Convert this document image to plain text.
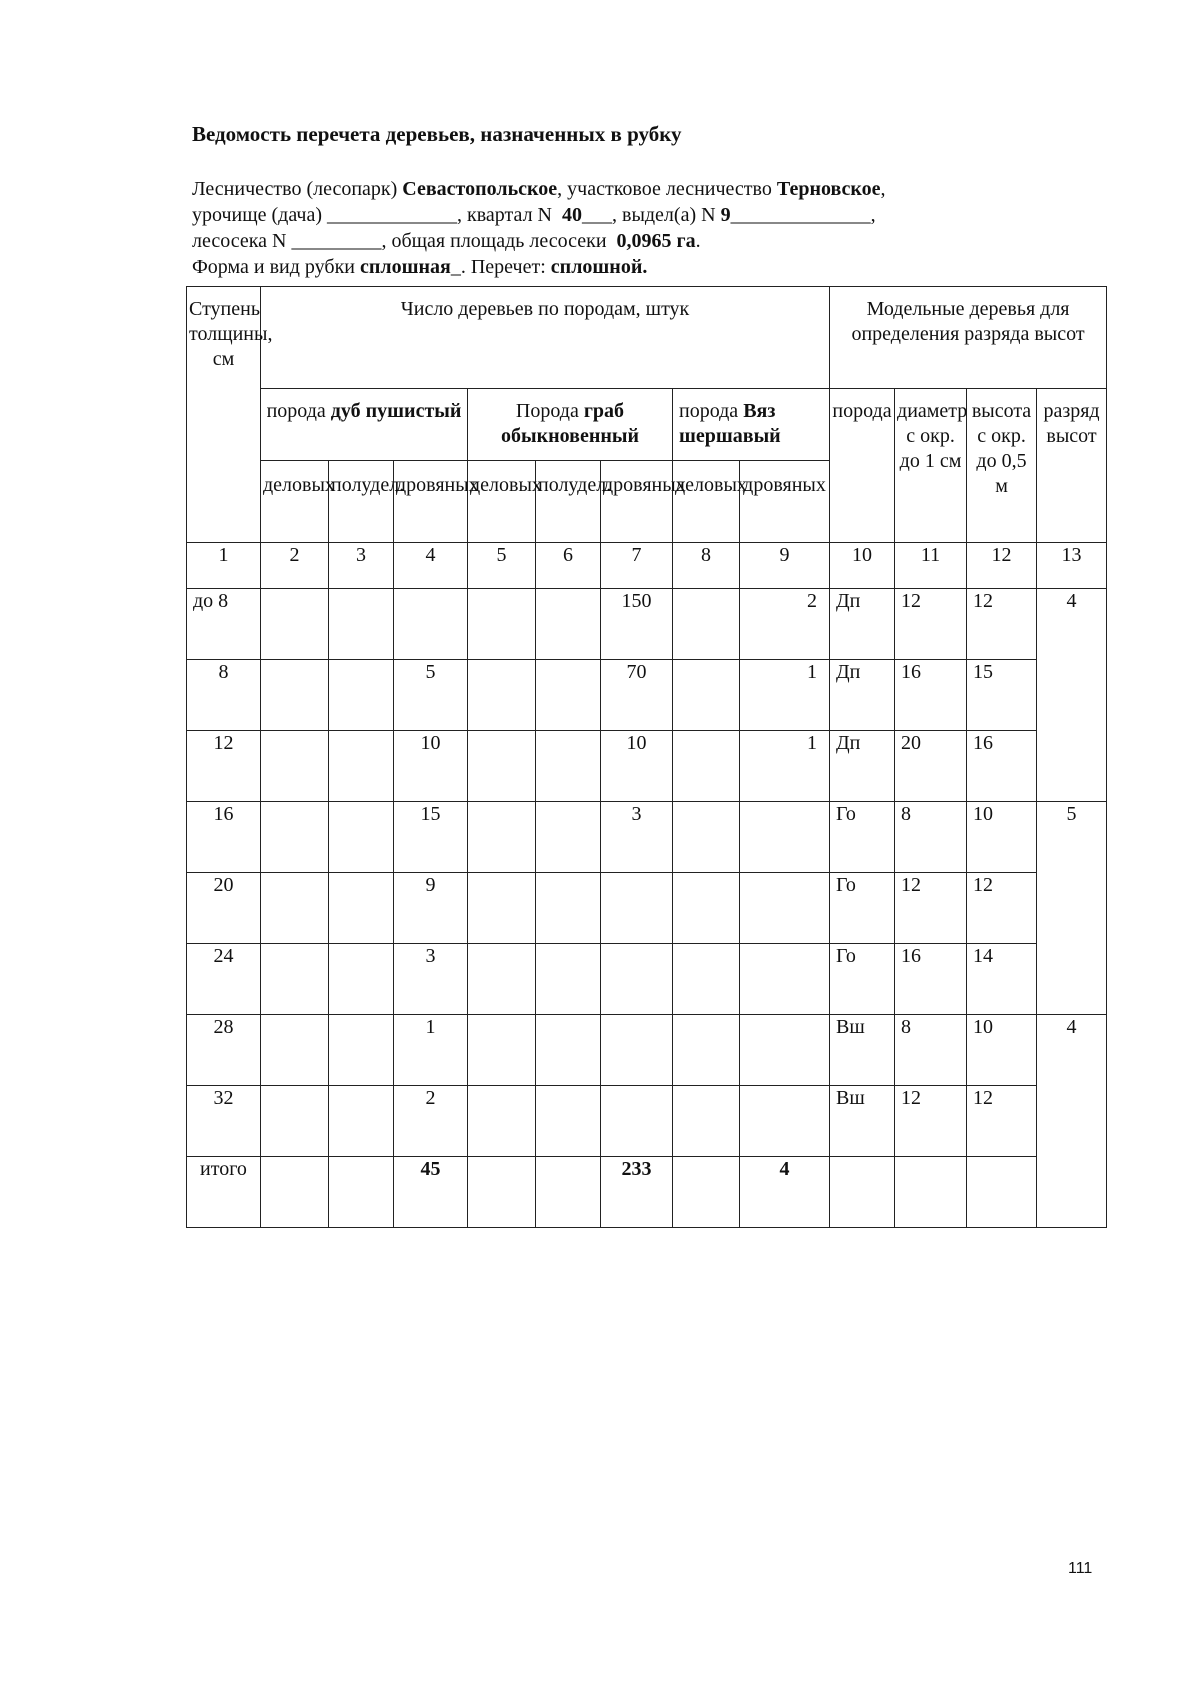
Ведомость перечета деревьев, назначенных в рубку
Лесничество (лесопарк) Севастопольское, участковое лесничество Терновское,
урочище (дача) _____________, квартал N  40___, выдел(а) N 9______________,
лесосека N _________, общая площадь лесосеки  0,0965 га.
Форма и вид рубки сплошная_. Перечет: сплошной.
Ступень толщины, см	Число деревьев по породам, штук								Модельные деревья для определения разряда высот			
	порода дуб пушистый			Порода граб обыкновенный			порода Вяз шершавый		порода	диаметр с окр. до 1 см	высота с окр. до 0,5 м	разряд высот
	деловых	полудел.	дровяных	деловых	полудел.	дровяных	деловых	дровяных				
1	2	3	4	5	6	7	8	9	10	11	12	13
до 8						150		2	Дп	12	12	4
8			5			70		1	Дп	16	15	
12			10			10		1	Дп	20	16	
16			15			3			Го	8	10	5
20			9						Го	12	12	
24			3						Го	16	14	
28			1						Вш	8	10	4
32			2						Вш	12	12	
итого			45			233		4				
111
